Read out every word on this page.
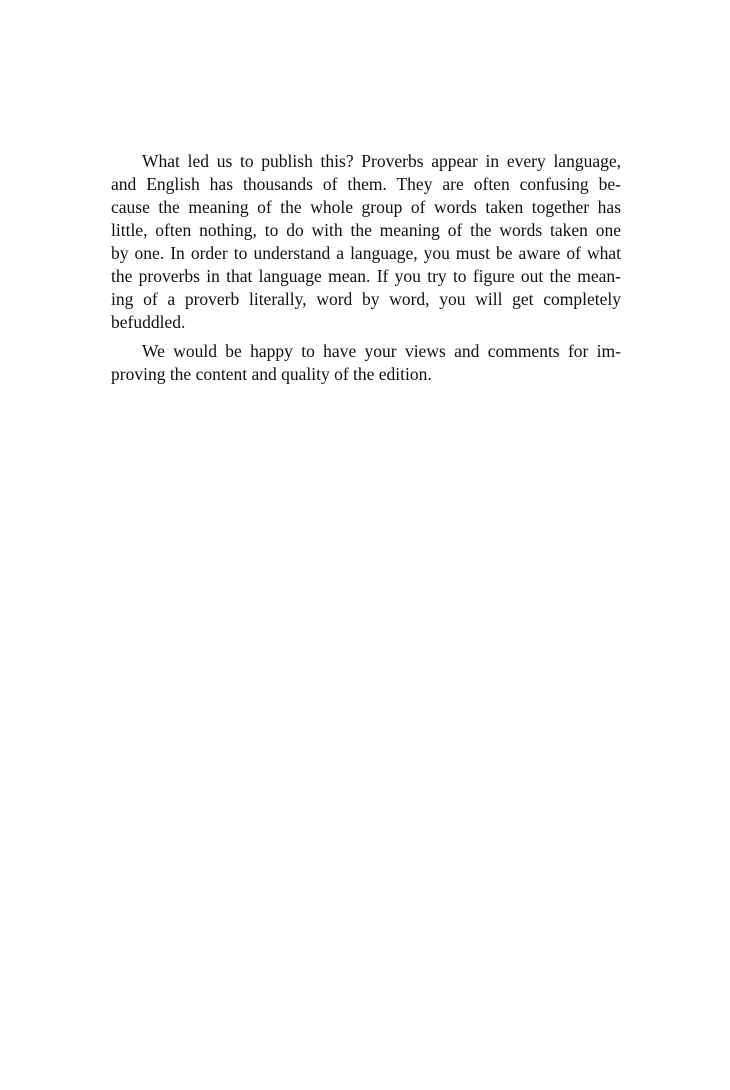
What led us to publish this? Proverbs appear in every language,
and English has thousands of them. They are often confusing be-
cause the meaning of the whole group of words taken together has
little, often nothing, to do with the meaning of the words taken one
by one. In order to understand a language, you must be aware of what
the proverbs in that language mean. If you try to figure out the mean-
ing of a proverb literally, word by word, you will get completely
befuddled.
We would be happy to have your views and comments for im-
proving the content and quality of the edition.
